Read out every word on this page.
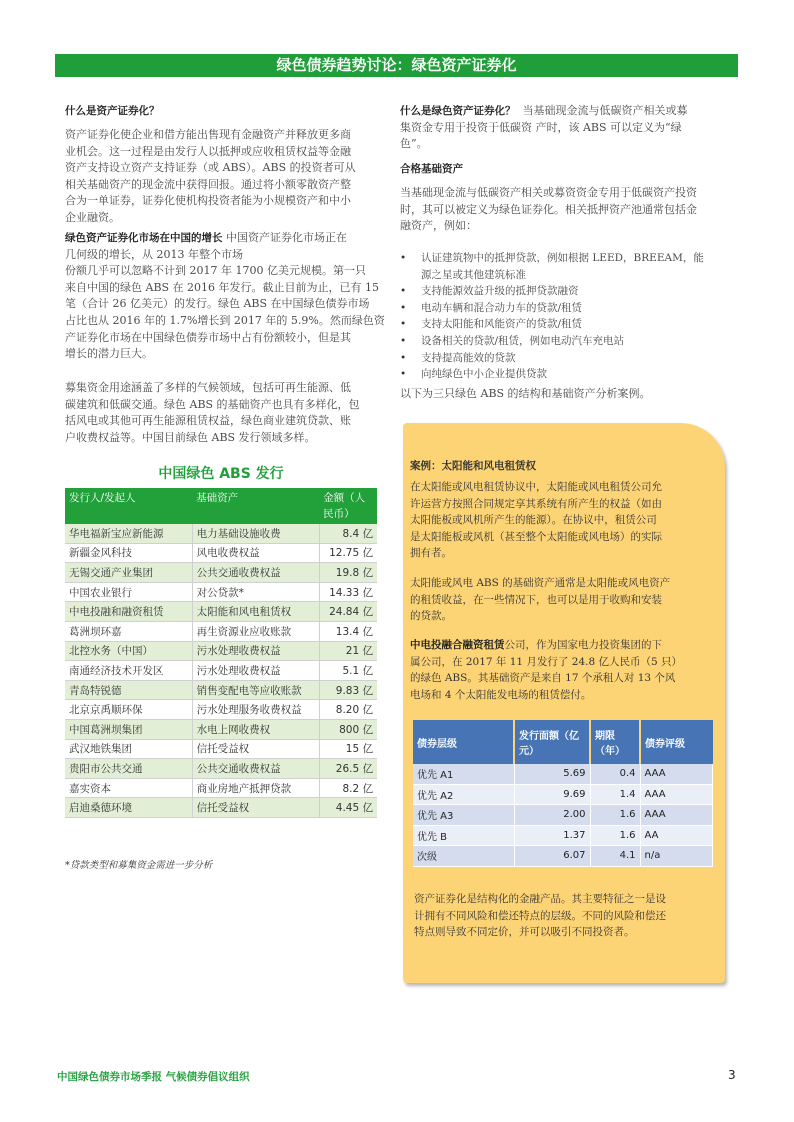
绿色债券趋势讨论：绿色资产证券化
什么是资产证券化？
资产证券化使企业和借方能出售现有金融资产并释放更多商
业机会。这一过程是由发行人以抵押或应收租赁权益等金融
资产支持设立资产支持证券（或 ABS）。ABS 的投资者可从
相关基础资产的现金流中获得回报。通过将小额零散资产整
合为一单证券，证券化使机构投资者能为小规模资产和中小
企业融资。
绿色资产证券化市场在中国的增长 中国资产证券化市场正在
几何级的增长，从 2013 年整个市场
份额几乎可以忽略不计到 2017 年 1700 亿美元规模。第一只
来自中国的绿色 ABS 在 2016 年发行。截止目前为止，已有 15
笔（合计 26 亿美元）的发行。绿色 ABS 在中国绿色债券市场
占比也从 2016 年的 1.7%增长到 2017 年的 5.9%。然而绿色资
产证券化市场在中国绿色债券市场中占有份额较小，但是其
增长的潜力巨大。
募集资金用途涵盖了多样的气候领域，包括可再生能源、低
碳建筑和低碳交通。绿色 ABS 的基础资产也具有多样化，包
括风电或其他可再生能源租赁权益，绿色商业建筑贷款、账
户收费权益等。中国目前绿色 ABS 发行领域多样。
中国绿色 ABS 发行
发行人/发起人	基础资产	金额（人民币）
华电福新宝应新能源	电力基础设施收费	8.4 亿
新疆金风科技	风电收费权益	12.75 亿
无锡交通产业集团	公共交通收费权益	19.8 亿
中国农业银行	对公贷款*	14.33 亿
中电投融和融资租赁	太阳能和风电租赁权	24.84 亿
葛洲坝环嘉	再生资源业应收账款	13.4 亿
北控水务（中国）	污水处理收费权益	21 亿
南通经济技术开发区	污水处理收费权益	5.1 亿
青岛特锐德	销售变配电等应收账款	9.83 亿
北京京禹顺环保	污水处理服务收费权益	8.20 亿
中国葛洲坝集团	水电上网收费权	800 亿
武汉地铁集团	信托受益权	15 亿
贵阳市公共交通	公共交通收费权益	26.5 亿
嘉实资本	商业房地产抵押贷款	8.2 亿
启迪桑德环境	信托受益权	4.45 亿
*贷款类型和募集资金需进一步分析
什么是绿色资产证券化？ 当基础现金流与低碳资产相关或募
集资金专用于投资于低碳资 产时，该 ABS 可以定义为“绿
色”。
合格基础资产
当基础现金流与低碳资产相关或募资资金专用于低碳资产投资
时，其可以被定义为绿色证券化。相关抵押资产池通常包括金
融资产，例如：
• 认证建筑物中的抵押贷款，例如根据 LEED，BREEAM，能
源之星或其他建筑标准
• 支持能源效益升级的抵押贷款融资
• 电动车辆和混合动力车的贷款/租赁
• 支持太阳能和风能资产的贷款/租赁
• 设备相关的贷款/租赁，例如电动汽车充电站
• 支持提高能效的贷款
• 向纯绿色中小企业提供贷款
以下为三只绿色 ABS 的结构和基础资产分析案例。
案例：太阳能和风电租赁权
在太阳能或风电租赁协议中，太阳能或风电租赁公司允
许运营方按照合同规定享其系统有所产生的权益（如由
太阳能板或风机所产生的能源）。在协议中，租赁公司
是太阳能板或风机（甚至整个太阳能或风电场）的实际
拥有者。
太阳能或风电 ABS 的基础资产通常是太阳能或风电资产
的租赁收益，在一些情况下，也可以是用于收购和安装
的贷款。
中电投融合融资租赁公司，作为国家电力投资集团的下
属公司，在 2017 年 11 月发行了 24.8 亿人民币（5 只）
的绿色 ABS。其基础资产是来自 17 个承租人对 13 个风
电场和 4 个太阳能发电场的租赁偿付。
债券层级	发行面额（亿元）	期限（年）	债券评级
优先 A1	5.69	0.4	AAA
优先 A2	9.69	1.4	AAA
优先 A3	2.00	1.6	AAA
优先 B	1.37	1.6	AA
次级	6.07	4.1	n/a
资产证券化是结构化的金融产品。其主要特征之一是设
计拥有不同风险和偿还特点的层级。不同的风险和偿还
特点则导致不同定价，并可以吸引不同投资者。
中国绿色债券市场季报 气候债券倡议组织	3
